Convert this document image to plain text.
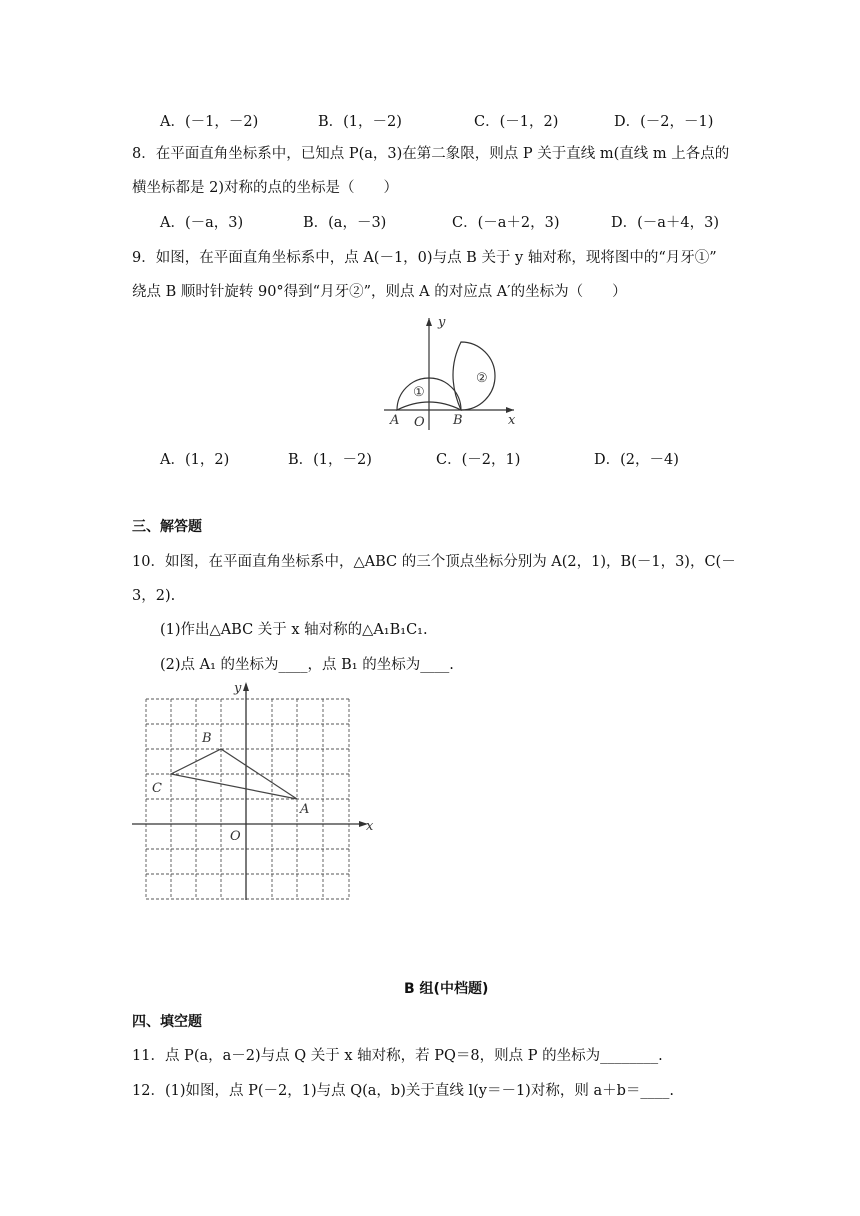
A．(－1，－2)	B．(1，－2)	C．(－1，2)	D．(－2，－1)
8．在平面直角坐标系中，已知点 P(a，3)在第二象限，则点 P 关于直线 m(直线 m 上各点的
横坐标都是 2)对称的点的坐标是（　　）
A．(－a，3)	B．(a，－3)	C．(－a＋2，3)	D．(－a＋4，3)
9．如图，在平面直角坐标系中，点 A(－1，0)与点 B 关于 y 轴对称，现将图中的“月牙①”
绕点 B 顺时针旋转 90°得到“月牙②”，则点 A 的对应点 A′的坐标为（　　）
y
x
A O B
①
②
A．(1，2)	B．(1，－2)	C．(－2，1)	D．(2，－4)
三、解答题
10．如图，在平面直角坐标系中，△ABC 的三个顶点坐标分别为 A(2，1)，B(－1，3)，C(－
3，2).
(1)作出△ABC 关于 x 轴对称的△A₁B₁C₁.
(2)点 A₁ 的坐标为____，点 B₁ 的坐标为____.
y
x
O
A
B
C
B 组(中档题)
四、填空题
11．点 P(a，a－2)与点 Q 关于 x 轴对称，若 PQ＝8，则点 P 的坐标为________.
12．(1)如图，点 P(－2，1)与点 Q(a，b)关于直线 l(y＝－1)对称，则 a＋b＝____.
